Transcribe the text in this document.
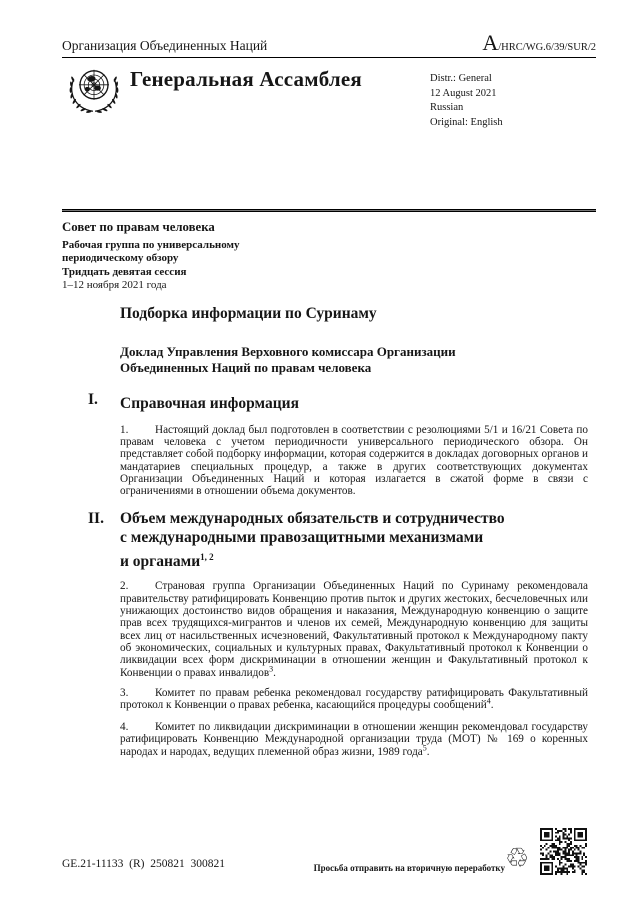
Организация Объединенных Наций	A/HRC/WG.6/39/SUR/2
Генеральная Ассамблея	Distr.: General
12 August 2021
Russian
Original: English
Совет по правам человека
Рабочая группа по универсальному
периодическому обзору
Тридцать девятая сессия
1–12 ноября 2021 года
Подборка информации по Суринаму
Доклад Управления Верховного комиссара Организации
Объединенных Наций по правам человека
I.	Справочная информация

1. Настоящий доклад был подготовлен в соответствии с резолюциями 5/1 и 16/21 Совета по правам человека с учетом периодичности универсального периодического обзора. Он представляет собой подборку информации, которая содержится в докладах договорных органов и мандатариев специальных процедур, а также в других соответствующих документах Организации Объединенных Наций и которая излагается в сжатой форме в связи с ограничениями в отношении объема документов.

II.	Объем международных обязательств и сотрудничество
с международными правозащитными механизмами
и органами$^{1, 2}$

2. Страновая группа Организации Объединенных Наций по Суринаму рекомендовала правительству ратифицировать Конвенцию против пыток и других жестоких, бесчеловечных или унижающих достоинство видов обращения и наказания, Международную конвенцию о защите прав всех трудящихся-мигрантов и членов их семей, Международную конвенцию для защиты всех лиц от насильственных исчезновений, Факультативный протокол к Международному пакту об экономических, социальных и культурных правах, Факультативный протокол к Конвенции о ликвидации всех форм дискриминации в отношении женщин и Факультативный протокол к Конвенции о правах инвалидов$^3$.

3. Комитет по правам ребенка рекомендовал государству ратифицировать Факультативный протокол к Конвенции о правах ребенка, касающийся процедуры сообщений$^4$.

4. Комитет по ликвидации дискриминации в отношении женщин рекомендовал государству ратифицировать Конвенцию Международной организации труда (МОТ) № 169 о коренных народах и народах, ведущих племенной образ жизни, 1989 года$^5$.

GE.21-11133  (R)  250821  300821	Просьба отправить на вторичную переработку ♲
